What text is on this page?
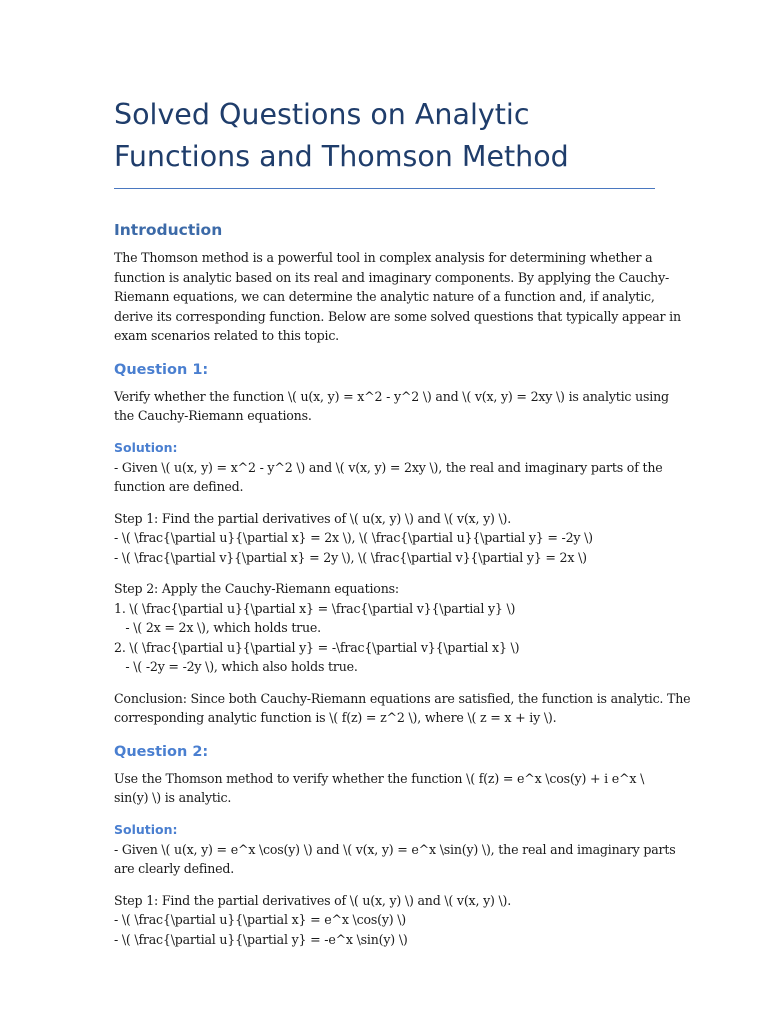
Solved Questions on Analytic Functions and Thomson Method
Introduction

The Thomson method is a powerful tool in complex analysis for determining whether a
function is analytic based on its real and imaginary components. By applying the Cauchy-
Riemann equations, we can determine the analytic nature of a function and, if analytic,
derive its corresponding function. Below are some solved questions that typically appear in
exam scenarios related to this topic.

Question 1:

Verify whether the function \( u(x, y) = x^2 - y^2 \) and \( v(x, y) = 2xy \) is analytic using
the Cauchy-Riemann equations.

Solution:

- Given \( u(x, y) = x^2 - y^2 \) and \( v(x, y) = 2xy \), the real and imaginary parts of the
function are defined.

Step 1: Find the partial derivatives of \( u(x, y) \) and \( v(x, y) \).
- \( \frac{\partial u}{\partial x} = 2x \), \( \frac{\partial u}{\partial y} = -2y \)
- \( \frac{\partial v}{\partial x} = 2y \), \( \frac{\partial v}{\partial y} = 2x \)

Step 2: Apply the Cauchy-Riemann equations:
1. \( \frac{\partial u}{\partial x} = \frac{\partial v}{\partial y} \)
- \( 2x = 2x \), which holds true.
2. \( \frac{\partial u}{\partial y} = -\frac{\partial v}{\partial x} \)
- \( -2y = -2y \), which also holds true.

Conclusion: Since both Cauchy-Riemann equations are satisfied, the function is analytic. The
corresponding analytic function is \( f(z) = z^2 \), where \( z = x + iy \).

Question 2:

Use the Thomson method to verify whether the function \( f(z) = e^x \cos(y) + i e^x \
sin(y) \) is analytic.

Solution:

- Given \( u(x, y) = e^x \cos(y) \) and \( v(x, y) = e^x \sin(y) \), the real and imaginary parts
are clearly defined.

Step 1: Find the partial derivatives of \( u(x, y) \) and \( v(x, y) \).
- \( \frac{\partial u}{\partial x} = e^x \cos(y) \)
- \( \frac{\partial u}{\partial y} = -e^x \sin(y) \)
